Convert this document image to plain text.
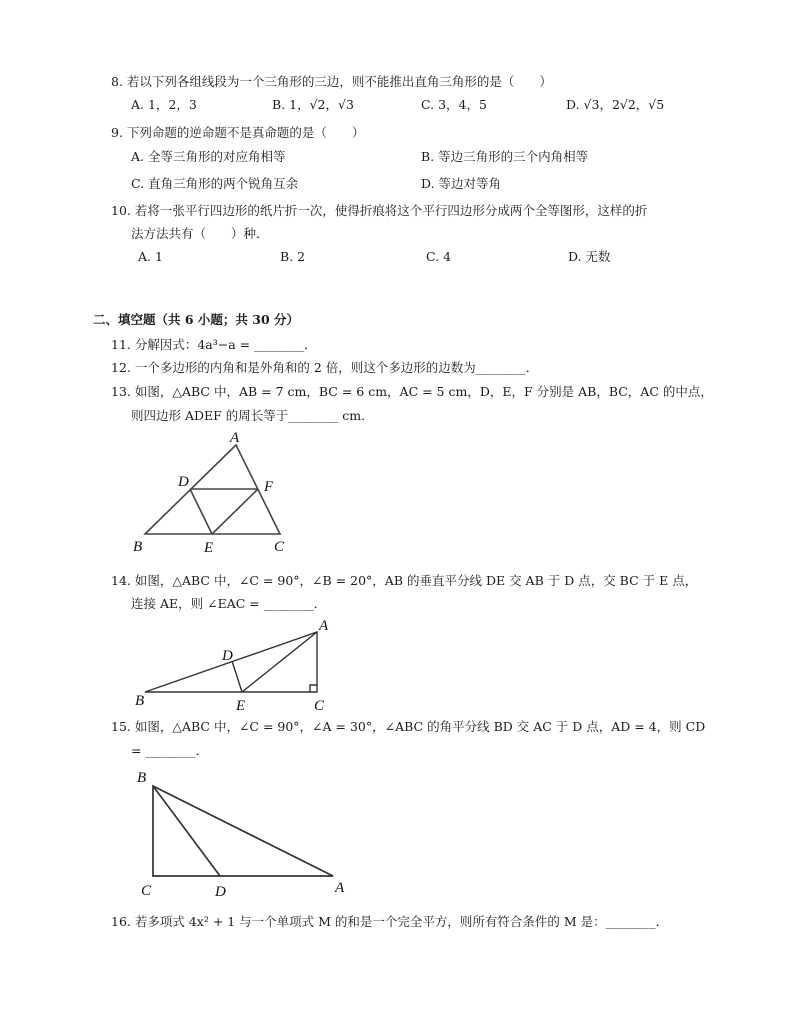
8. 若以下列各组线段为一个三角形的三边，则不能推出直角三角形的是（　　）
A. 1，2，3	B. 1，√2，√3	C. 3，4，5	D. √3，2√2，√5
9. 下列命题的逆命题不是真命题的是（　　）
A. 全等三角形的对应角相等	B. 等边三角形的三个内角相等
C. 直角三角形的两个锐角互余	D. 等边对等角
10. 若将一张平行四边形的纸片折一次，使得折痕将这个平行四边形分成两个全等图形，这样的折
法方法共有（　　）种．
A. 1	B. 2	C. 4	D. 无数
二、填空题（共 6 小题；共 30 分）
11. 分解因式：4a³−a = ________．
12. 一个多边形的内角和是外角和的 2 倍，则这个多边形的边数为________．
13. 如图，△ABC 中，AB = 7 cm，BC = 6 cm，AC = 5 cm，D，E，F 分别是 AB，BC，AC 的中点，
则四边形 ADEF 的周长等于________ cm．
A
B	C
D
E
F
14. 如图，△ABC 中，∠C = 90°，∠B = 20°，AB 的垂直平分线 DE 交 AB 于 D 点，交 BC 于 E 点，
连接 AE，则 ∠EAC = ________．
A
B	C
D
E
15. 如图，△ABC 中，∠C = 90°，∠A = 30°，∠ABC 的角平分线 BD 交 AC 于 D 点，AD = 4，则 CD
= ________．
A
B
C	D
16. 若多项式 4x² + 1 与一个单项式 M 的和是一个完全平方，则所有符合条件的 M 是：________．
